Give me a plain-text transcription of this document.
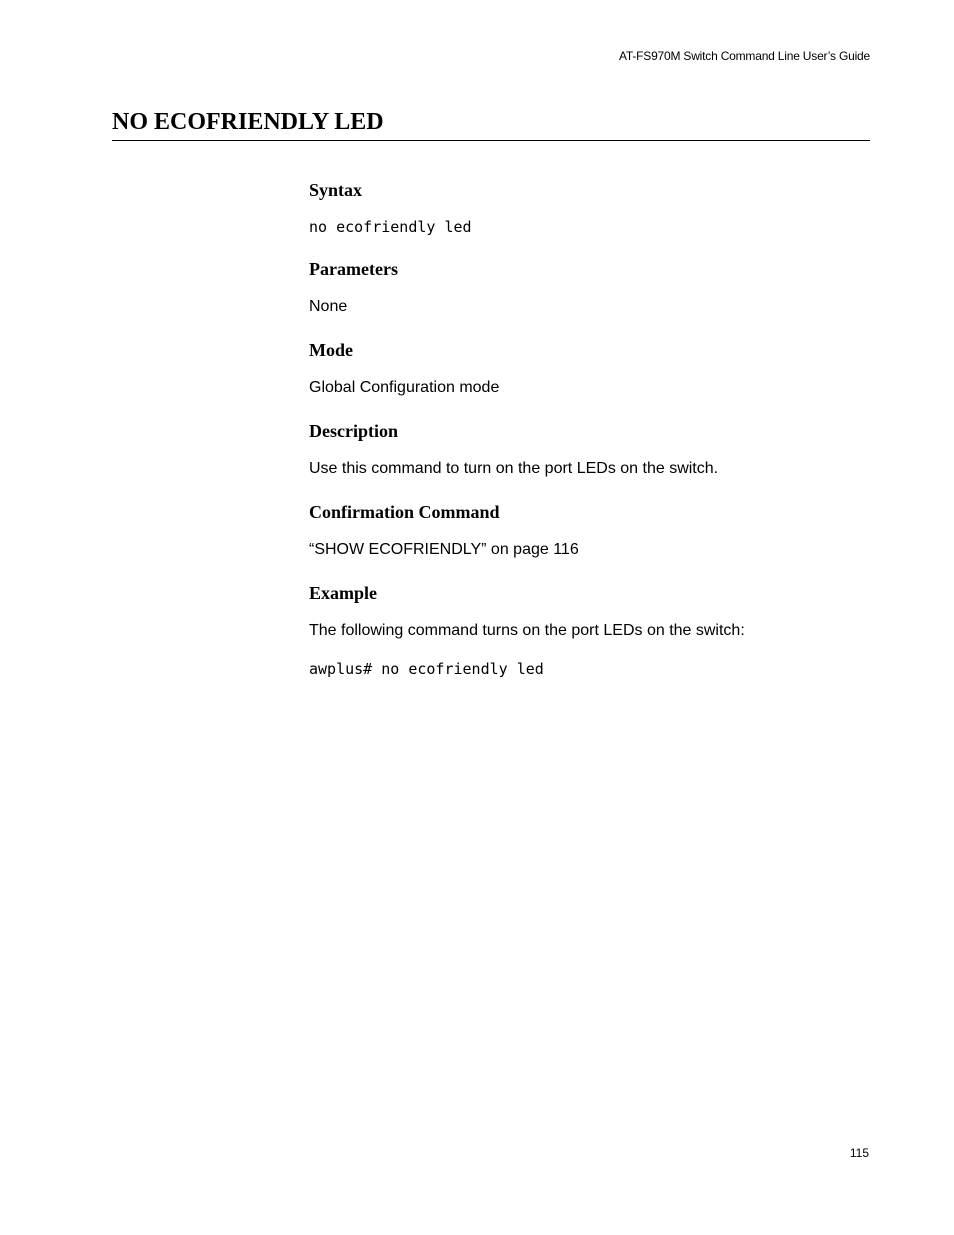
AT-FS970M Switch Command Line User’s Guide
NO ECOFRIENDLY LED
Syntax
no ecofriendly led
Parameters

None

Mode

Global Configuration mode

Description

Use this command to turn on the port LEDs on the switch.

Confirmation Command

“SHOW ECOFRIENDLY” on page 116

Example

The following command turns on the port LEDs on the switch:

awplus# no ecofriendly led
115
